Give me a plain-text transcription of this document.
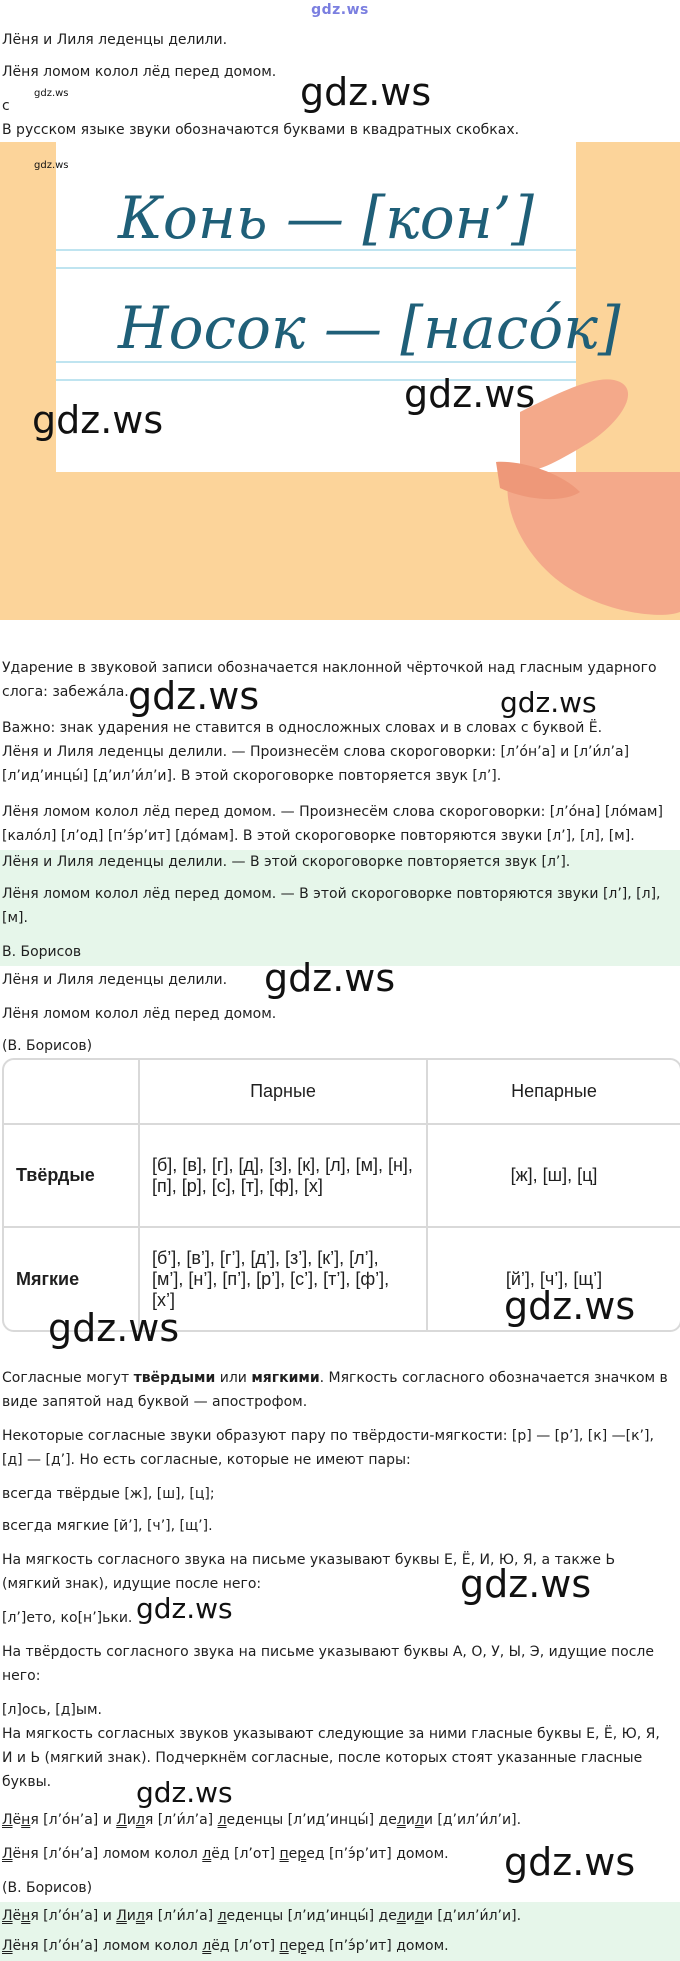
gdz.ws
Лёня и Лиля леденцы делили.
Лёня ломом колол лёд перед домом.
с
В русском языке звуки обозначаются буквами в квадратных скобках.
gdz.ws	gdz.ws
Конь — [кон’]
Носок — [насо́к]
gdz.ws
gdz.ws
gdz.ws
Ударение в звуковой записи обозначается наклонной чёрточкой над гласным ударного слога: забежа́ла. gdz.ws	gdz.ws
Важно: знак ударения не ставится в односложных словах и в словах с буквой Ё.
Лёня и Лиля леденцы делили. — Произнесём слова скороговорки: [л’о́н’а] и [л’и́л’а] [л’ид’инцы́] [д’ил’и́л’и]. В этой скороговорке повторяется звук [л’].
Лёня ломом колол лёд перед домом. — Произнесём слова скороговорки: [л’о́на] [ло́мам] [кало́л] [л’од] [п’э́р’ит] [до́мам]. В этой скороговорке повторяются звуки [л’], [л], [м].
Лёня и Лиля леденцы делили. — В этой скороговорке повторяется звук [л’].
Лёня ломом колол лёд перед домом. — В этой скороговорке повторяются звуки [л’], [л], [м].
В. Борисов
Лёня и Лиля леденцы делили. gdz.ws
Лёня ломом колол лёд перед домом.
(В. Борисов)
	Парные	Непарные
Твёрдые	[б], [в], [г], [д], [з], [к], [л], [м], [н], [п], [р], [с], [т], [ф], [х]	[ж], [ш], [ц]
Мягкие	[б’], [в’], [г’], [д’], [з’], [к’], [л’], [м’], [н’], [п’], [р’], [с’], [т’], [ф’], [х’]	[й’], [ч’], [щ’]
gdz.ws
gdz.ws
Согласные могут твёрдыми или мягкими. Мягкость согласного обозначается значком в виде запятой над буквой — апострофом.
Некоторые согласные звуки образуют пару по твёрдости-мягкости: [р] — [р’], [к] —[к’], [д] — [д’]. Но есть согласные, которые не имеют пары:
всегда твёрдые [ж], [ш], [ц];
всегда мягкие [й’], [ч’], [щ’].
На мягкость согласного звука на письме указывают буквы Е, Ё, И, Ю, Я, а также Ь (мягкий знак), идущие после него:	gdz.ws
[л’]ето, ко[н’]ьки. gdz.ws
На твёрдость согласного звука на письме указывают буквы А, О, У, Ы, Э, идущие после него:
[л]ось, [д]ым.
На мягкость согласных звуков указывают следующие за ними гласные буквы Е, Ё, Ю, Я, И и Ь (мягкий знак). Подчеркнём согласные, после которых стоят указанные гласные буквы.	gdz.ws
Лёня [л’о́н’а] и Лиля [л’и́л’а] леденцы [л’ид’инцы́] делили [д’ил’и́л’и].
Лёня [л’о́н’а] ломом колол лёд [л’от] перед [п’э́р’ит] домом.	gdz.ws
(В. Борисов)
Лёня [л’о́н’а] и Лиля [л’и́л’а] леденцы [л’ид’инцы́] делили [д’ил’и́л’и].
Лёня [л’о́н’а] ломом колол лёд [л’от] перед [п’э́р’ит] домом.
